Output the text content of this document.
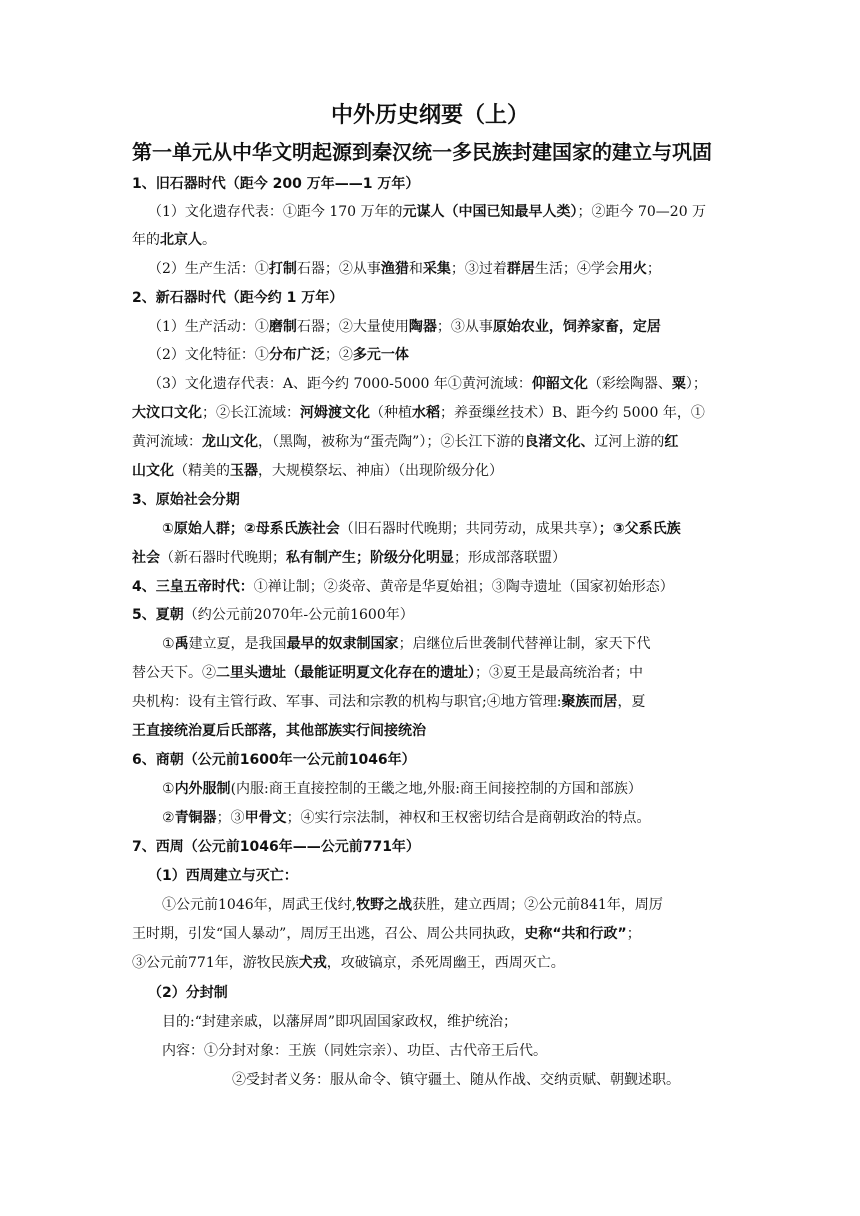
中外历史纲要（上）
第一单元从中华文明起源到秦汉统一多民族封建国家的建立与巩固
1、旧石器时代（距今 200 万年——1 万年）
（1）文化遗存代表：①距今 170 万年的元谋人（中国已知最早人类）；②距今 70—20 万
年的北京人。
（2）生产生活：①打制石器；②从事渔猎和采集；③过着群居生活；④学会用火；
2、新石器时代（距今约 1 万年）
（1）生产活动：①磨制石器；②大量使用陶器；③从事原始农业，饲养家畜，定居
（2）文化特征：①分布广泛；②多元一体
（3）文化遗存代表：A、距今约 7000-5000 年①黄河流域：仰韶文化（彩绘陶器、粟）；
大汶口文化；②长江流域：河姆渡文化（种植水稻；养蚕缫丝技术）B、距今约 5000 年，①
黄河流域：龙山文化，（黑陶，被称为“蛋壳陶”）；②长江下游的良渚文化、辽河上游的红
山文化（精美的玉器，大规模祭坛、神庙）（出现阶级分化）
3、原始社会分期
①原始人群；②母系氏族社会（旧石器时代晚期；共同劳动，成果共享）；③父系氏族
社会（新石器时代晚期；私有制产生；阶级分化明显；形成部落联盟）
4、三皇五帝时代：①禅让制；②炎帝、黄帝是华夏始祖；③陶寺遗址（国家初始形态）
5、夏朝（约公元前2070年-公元前1600年）
①禹建立夏，是我国最早的奴隶制国家；启继位后世袭制代替禅让制，家天下代
替公天下。②二里头遗址（最能证明夏文化存在的遗址）；③夏王是最高统治者；中
央机构：设有主管行政、军事、司法和宗教的机构与职官;④地方管理:聚族而居，夏
王直接统治夏后氏部落，其他部族实行间接统治
6、商朝（公元前1600年一公元前1046年）
①内外服制(内服:商王直接控制的王畿之地,外服:商王间接控制的方国和部族）
②青铜器；③甲骨文；④实行宗法制，神权和王权密切结合是商朝政治的特点。
7、西周（公元前1046年——公元前771年）
（1）西周建立与灭亡：
①公元前1046年，周武王伐纣,牧野之战获胜，建立西周；②公元前841年，周厉
王时期，引发“国人暴动”，周厉王出逃，召公、周公共同执政，史称“共和行政”；
③公元前771年，游牧民族犬戎，攻破镐京，杀死周幽王，西周灭亡。
（2）分封制
目的:“封建亲戚，以藩屏周”即巩固国家政权，维护统治；
内容：①分封对象：王族（同姓宗亲）、功臣、古代帝王后代。
②受封者义务：服从命令、镇守疆土、随从作战、交纳贡赋、朝觐述职。
